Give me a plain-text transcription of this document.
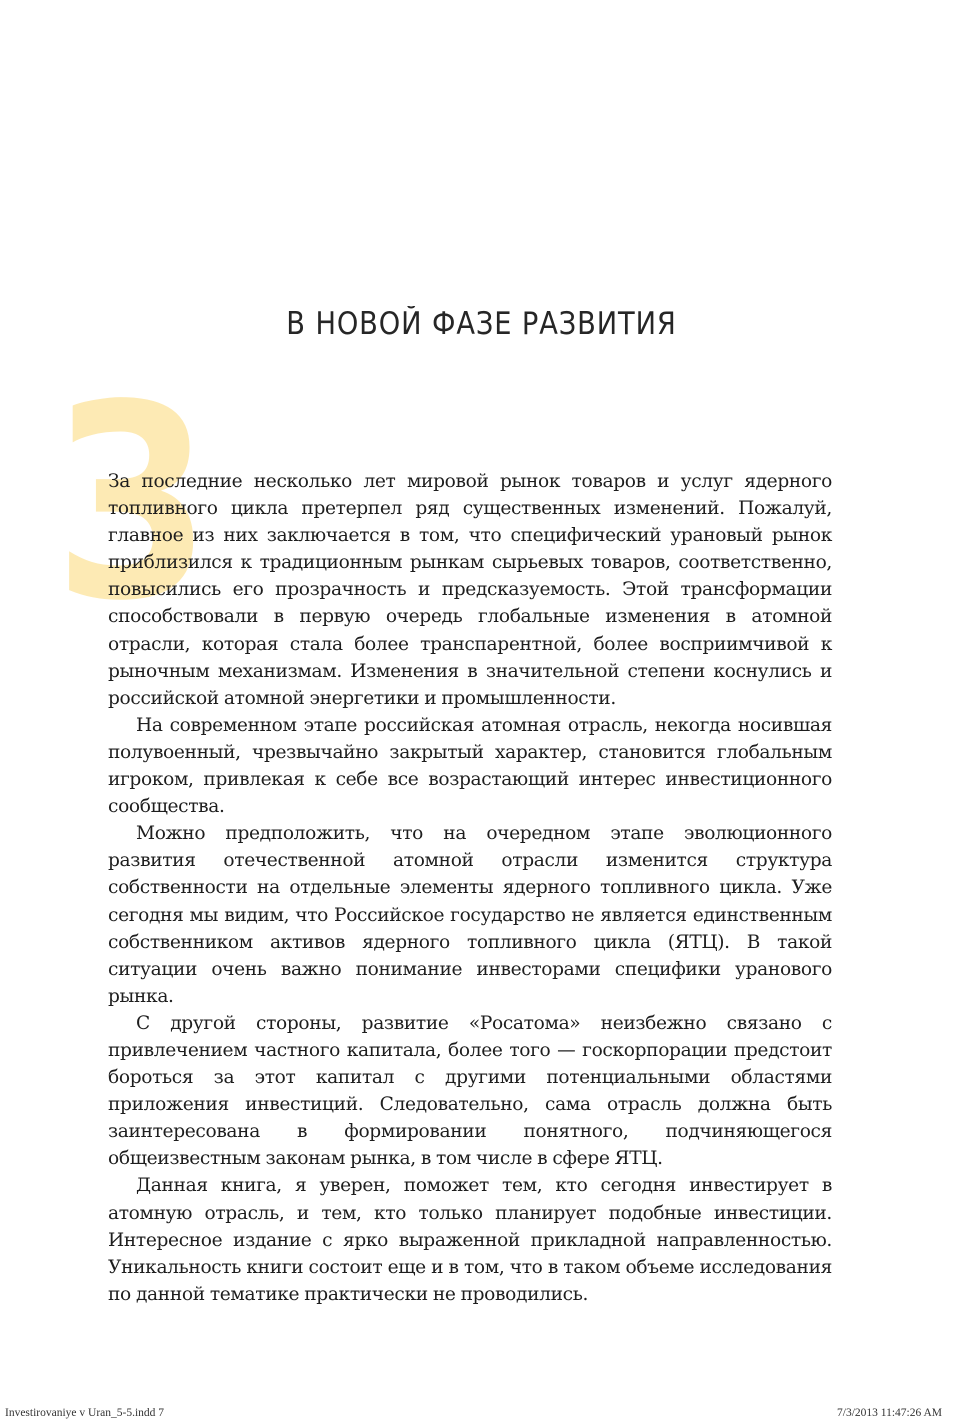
В НОВОЙ ФАЗЕ РАЗВИТИЯ
З

За последние несколько лет мировой рынок товаров и услуг ядерного топливного цикла претерпел ряд существенных изменений. Пожалуй, главное из них заключается в том, что специфический урановый рынок приблизился к традиционным рынкам сырьевых товаров, соответственно, повысились его прозрачность и предсказуемость. Этой трансформации способствовали в первую очередь глобальные изменения в атомной отрасли, которая стала более транспарентной, более восприимчивой к рыночным механизмам. Изменения в значительной степени коснулись и российской атомной энергетики и промышленности.

На современном этапе российская атомная отрасль, некогда носившая полувоенный, чрезвычайно закрытый характер, становится глобальным игроком, привлекая к себе все возрастающий интерес инвестиционного сообщества.

Можно предположить, что на очередном этапе эволюционного развития отечественной атомной отрасли изменится структура собственности на отдельные элементы ядерного топливного цикла. Уже сегодня мы видим, что Российское государство не является единственным собственником активов ядерного топливного цикла (ЯТЦ). В такой ситуации очень важно понимание инвесторами специфики уранового рынка.

С другой стороны, развитие «Росатома» неизбежно связано с привлечением частного капитала, более того — госкорпорации предстоит бороться за этот капитал с другими потенциальными областями приложения инвестиций. Следовательно, сама отрасль должна быть заинтересована в формировании понятного, подчиняющегося общеизвестным законам рынка, в том числе в сфере ЯТЦ.

Данная книга, я уверен, поможет тем, кто сегодня инвестирует в атомную отрасль, и тем, кто только планирует подобные инвестиции. Интересное издание с ярко выраженной прикладной направленностью. Уникальность книги состоит еще и в том, что в таком объеме исследования по данной тематике практически не проводились.

Investirovaniye v Uran_5-5.indd 7	7/3/2013 11:47:26 AM
